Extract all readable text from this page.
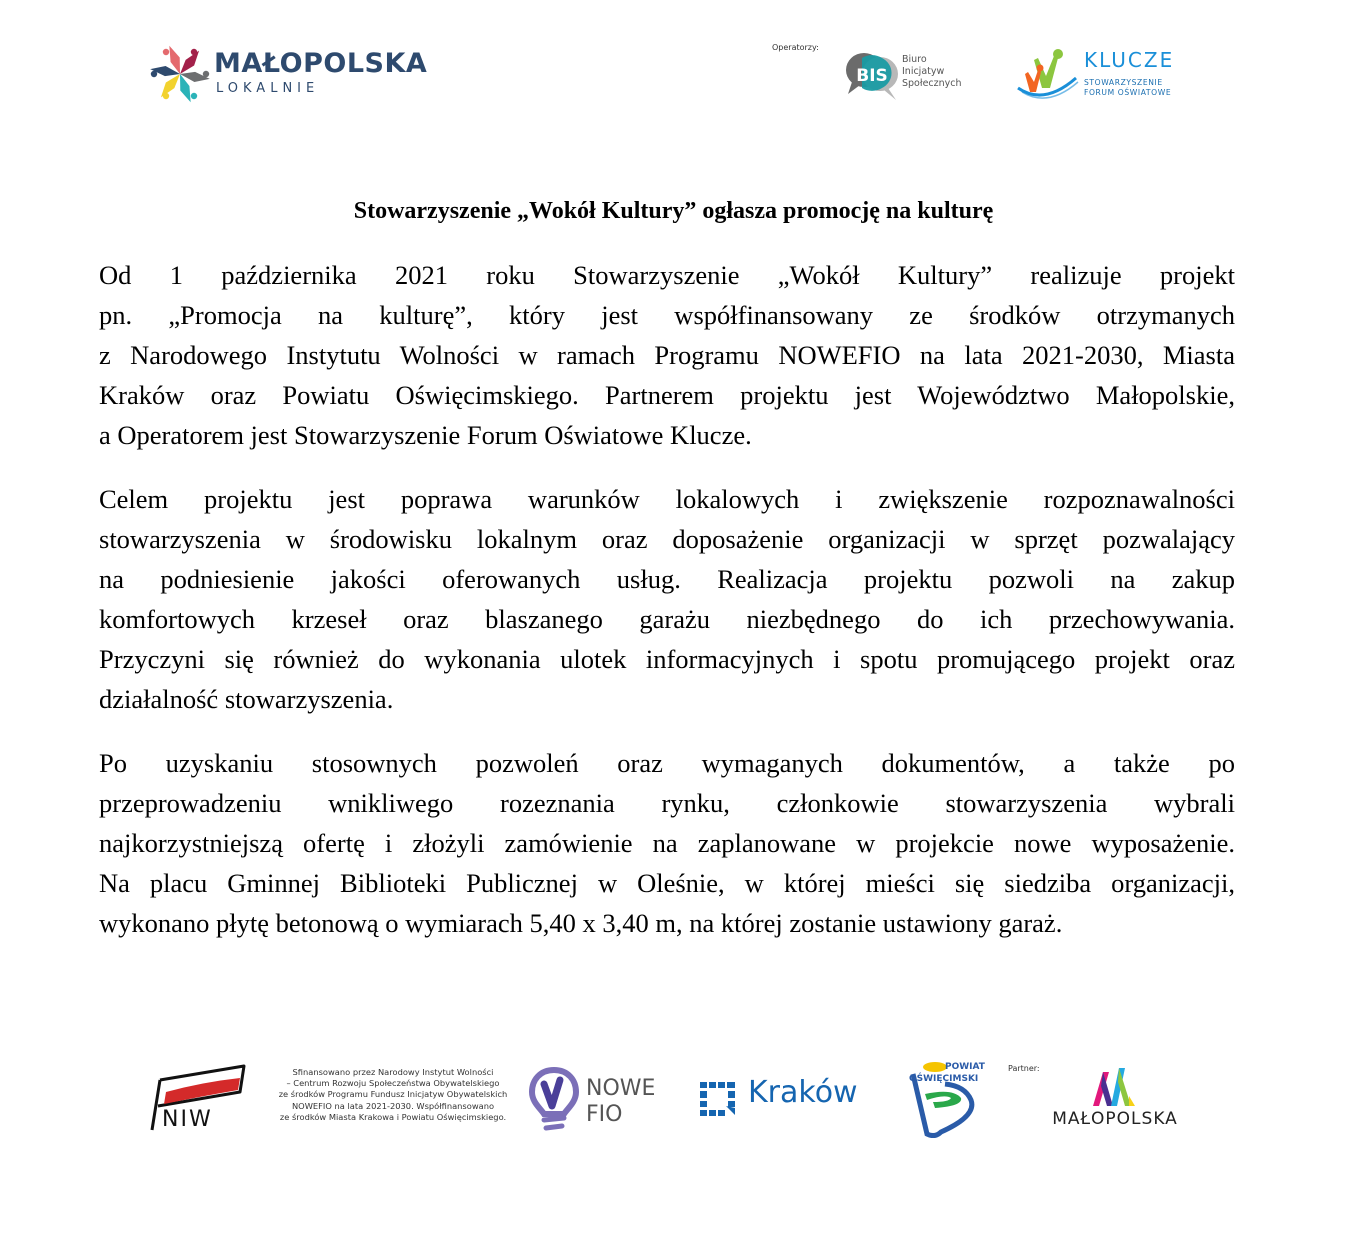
MAŁOPOLSKA
LOKALNIE
Operatorzy:
BIS
Biuro
Inicjatyw
Społecznych
KLUCZE
STOWARZYSZENIE
FORUM OŚWIATOWE
Stowarzyszenie „Wokół Kultury” ogłasza promocję na kulturę
Od 1 października 2021 roku Stowarzyszenie „Wokół Kultury” realizuje projekt
pn. „Promocja na kulturę”, który jest współfinansowany ze środków otrzymanych
z Narodowego Instytutu Wolności w ramach Programu NOWEFIO na lata 2021-2030, Miasta
Kraków oraz Powiatu Oświęcimskiego. Partnerem projektu jest Województwo Małopolskie,
a Operatorem jest Stowarzyszenie Forum Oświatowe Klucze.
Celem projektu jest poprawa warunków lokalowych i zwiększenie rozpoznawalności
stowarzyszenia w środowisku lokalnym oraz doposażenie organizacji w sprzęt pozwalający
na podniesienie jakości oferowanych usług. Realizacja projektu pozwoli na zakup
komfortowych krzeseł oraz blaszanego garażu niezbędnego do ich przechowywania.
Przyczyni się również do wykonania ulotek informacyjnych i spotu promującego projekt oraz
działalność stowarzyszenia.
Po uzyskaniu stosownych pozwoleń oraz wymaganych dokumentów, a także po
przeprowadzeniu wnikliwego rozeznania rynku, członkowie stowarzyszenia wybrali
najkorzystniejszą ofertę i złożyli zamówienie na zaplanowane w projekcie nowe wyposażenie.
Na placu Gminnej Biblioteki Publicznej w Oleśnie, w której mieści się siedziba organizacji,
wykonano płytę betonową o wymiarach 5,40 x 3,40 m, na której zostanie ustawiony garaż.
NIW
Sfinansowano przez Narodowy Instytut Wolności
– Centrum Rozwoju Społeczeństwa Obywatelskiego
ze środków Programu Fundusz Inicjatyw Obywatelskich
NOWEFIO na lata 2021-2030. Współfinansowano
ze środków Miasta Krakowa i Powiatu Oświęcimskiego.
NOWE
FIO
Kraków
POWIAT
OŚWIĘCIMSKI
Partner:
MAŁOPOLSKA
